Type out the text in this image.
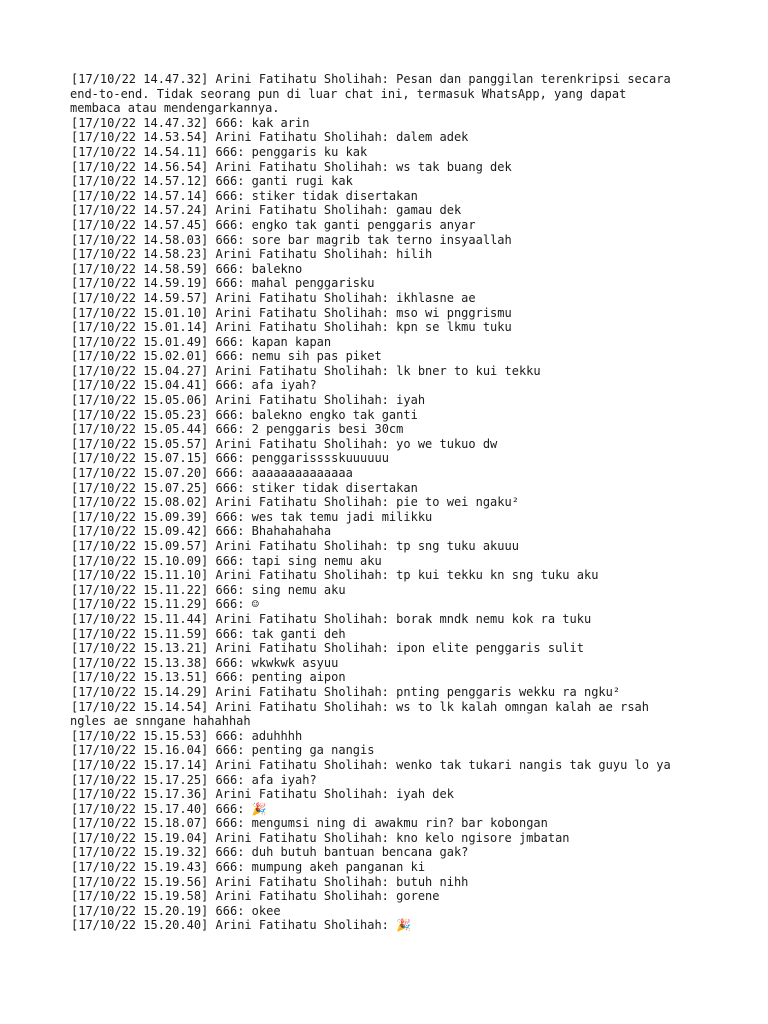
[17/10/22 14.47.32] Arini Fatihatu Sholihah: Pesan dan panggilan terenkripsi secara
end-to-end. Tidak seorang pun di luar chat ini, termasuk WhatsApp, yang dapat
membaca atau mendengarkannya.
[17/10/22 14.47.32] 666: kak arin
[17/10/22 14.53.54] Arini Fatihatu Sholihah: dalem adek
[17/10/22 14.54.11] 666: penggaris ku kak
[17/10/22 14.56.54] Arini Fatihatu Sholihah: ws tak buang dek
[17/10/22 14.57.12] 666: ganti rugi kak
[17/10/22 14.57.14] 666: stiker tidak disertakan
[17/10/22 14.57.24] Arini Fatihatu Sholihah: gamau dek
[17/10/22 14.57.45] 666: engko tak ganti penggaris anyar
[17/10/22 14.58.03] 666: sore bar magrib tak terno insyaallah
[17/10/22 14.58.23] Arini Fatihatu Sholihah: hilih
[17/10/22 14.58.59] 666: balekno
[17/10/22 14.59.19] 666: mahal penggarisku
[17/10/22 14.59.57] Arini Fatihatu Sholihah: ikhlasne ae
[17/10/22 15.01.10] Arini Fatihatu Sholihah: mso wi pnggrismu
[17/10/22 15.01.14] Arini Fatihatu Sholihah: kpn se lkmu tuku
[17/10/22 15.01.49] 666: kapan kapan
[17/10/22 15.02.01] 666: nemu sih pas piket
[17/10/22 15.04.27] Arini Fatihatu Sholihah: lk bner to kui tekku
[17/10/22 15.04.41] 666: afa iyah?
[17/10/22 15.05.06] Arini Fatihatu Sholihah: iyah
[17/10/22 15.05.23] 666: balekno engko tak ganti
[17/10/22 15.05.44] 666: 2 penggaris besi 30cm
[17/10/22 15.05.57] Arini Fatihatu Sholihah: yo we tukuo dw
[17/10/22 15.07.15] 666: penggarisssskuuuuuu
[17/10/22 15.07.20] 666: aaaaaaaaaaaaaa
[17/10/22 15.07.25] 666: stiker tidak disertakan
[17/10/22 15.08.02] Arini Fatihatu Sholihah: pie to wei ngaku²
[17/10/22 15.09.39] 666: wes tak temu jadi milikku
[17/10/22 15.09.42] 666: Bhahahahaha
[17/10/22 15.09.57] Arini Fatihatu Sholihah: tp sng tuku akuuu
[17/10/22 15.10.09] 666: tapi sing nemu aku
[17/10/22 15.11.10] Arini Fatihatu Sholihah: tp kui tekku kn sng tuku aku
[17/10/22 15.11.22] 666: sing nemu aku
[17/10/22 15.11.29] 666: ☺
[17/10/22 15.11.44] Arini Fatihatu Sholihah: borak mndk nemu kok ra tuku
[17/10/22 15.11.59] 666: tak ganti deh
[17/10/22 15.13.21] Arini Fatihatu Sholihah: ipon elite penggaris sulit
[17/10/22 15.13.38] 666: wkwkwk asyuu
[17/10/22 15.13.51] 666: penting aipon
[17/10/22 15.14.29] Arini Fatihatu Sholihah: pnting penggaris wekku ra ngku²
[17/10/22 15.14.54] Arini Fatihatu Sholihah: ws to lk kalah omngan kalah ae rsah
ngles ae snngane hahahhah
[17/10/22 15.15.53] 666: aduhhhh
[17/10/22 15.16.04] 666: penting ga nangis
[17/10/22 15.17.14] Arini Fatihatu Sholihah: wenko tak tukari nangis tak guyu lo ya
[17/10/22 15.17.25] 666: afa iyah?
[17/10/22 15.17.36] Arini Fatihatu Sholihah: iyah dek
[17/10/22 15.17.40] 666: 🎉
[17/10/22 15.18.07] 666: mengumsi ning di awakmu rin? bar kobongan
[17/10/22 15.19.04] Arini Fatihatu Sholihah: kno kelo ngisore jmbatan
[17/10/22 15.19.32] 666: duh butuh bantuan bencana gak?
[17/10/22 15.19.43] 666: mumpung akeh panganan ki
[17/10/22 15.19.56] Arini Fatihatu Sholihah: butuh nihh
[17/10/22 15.19.58] Arini Fatihatu Sholihah: gorene
[17/10/22 15.20.19] 666: okee
[17/10/22 15.20.40] Arini Fatihatu Sholihah: 🎉
